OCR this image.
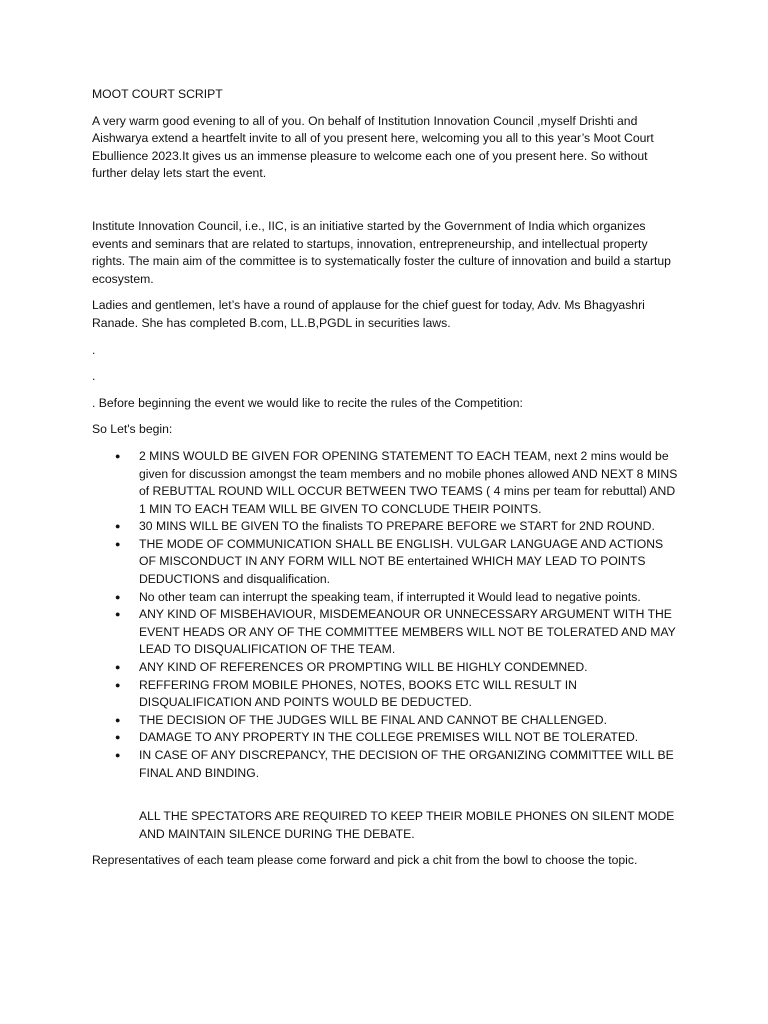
MOOT COURT SCRIPT

A very warm good evening to all of you. On behalf of Institution Innovation Council ,myself Drishti and Aishwarya extend a heartfelt invite to all of you present here, welcoming you all to this year’s Moot Court Ebullience 2023.It gives us an immense pleasure to welcome each one of you present here. So without further delay lets start the event.

Institute Innovation Council, i.e., IIC, is an initiative started by the Government of India which organizes events and seminars that are related to startups, innovation, entrepreneurship, and intellectual property rights. The main aim of the committee is to systematically foster the culture of innovation and build a startup ecosystem.

Ladies and gentlemen, let’s have a round of applause for the chief guest for today, Adv. Ms Bhagyashri Ranade. She has completed B.com, LL.B,PGDL in securities laws.

.
.

. Before beginning the event we would like to recite the rules of the Competition:

So Let's begin:

● 2 MINS WOULD BE GIVEN FOR OPENING STATEMENT TO EACH TEAM, next 2 mins would be given for discussion amongst the team members and no mobile phones allowed AND NEXT 8 MINS of REBUTTAL ROUND WILL OCCUR BETWEEN TWO TEAMS ( 4 mins per team for rebuttal) AND 1 MIN TO EACH TEAM WILL BE GIVEN TO CONCLUDE THEIR POINTS.
● 30 MINS WILL BE GIVEN TO the finalists TO PREPARE BEFORE we START for 2ND ROUND.
● THE MODE OF COMMUNICATION SHALL BE ENGLISH. VULGAR LANGUAGE AND ACTIONS OF MISCONDUCT IN ANY FORM WILL NOT BE entertained WHICH MAY LEAD TO POINTS DEDUCTIONS and disqualification.
● No other team can interrupt the speaking team, if interrupted it Would lead to negative points.
● ANY KIND OF MISBEHAVIOUR, MISDEMEANOUR OR UNNECESSARY ARGUMENT WITH THE EVENT HEADS OR ANY OF THE COMMITTEE MEMBERS WILL NOT BE TOLERATED AND MAY LEAD TO DISQUALIFICATION OF THE TEAM.
● ANY KIND OF REFERENCES OR PROMPTING WILL BE HIGHLY CONDEMNED.
● REFFERING FROM MOBILE PHONES, NOTES, BOOKS ETC WILL RESULT IN DISQUALIFICATION AND POINTS WOULD BE DEDUCTED.
● THE DECISION OF THE JUDGES WILL BE FINAL AND CANNOT BE CHALLENGED.
● DAMAGE TO ANY PROPERTY IN THE COLLEGE PREMISES WILL NOT BE TOLERATED.
● IN CASE OF ANY DISCREPANCY, THE DECISION OF THE ORGANIZING COMMITTEE WILL BE FINAL AND BINDING.

ALL THE SPECTATORS ARE REQUIRED TO KEEP THEIR MOBILE PHONES ON SILENT MODE AND MAINTAIN SILENCE DURING THE DEBATE.

Representatives of each team please come forward and pick a chit from the bowl to choose the topic.
